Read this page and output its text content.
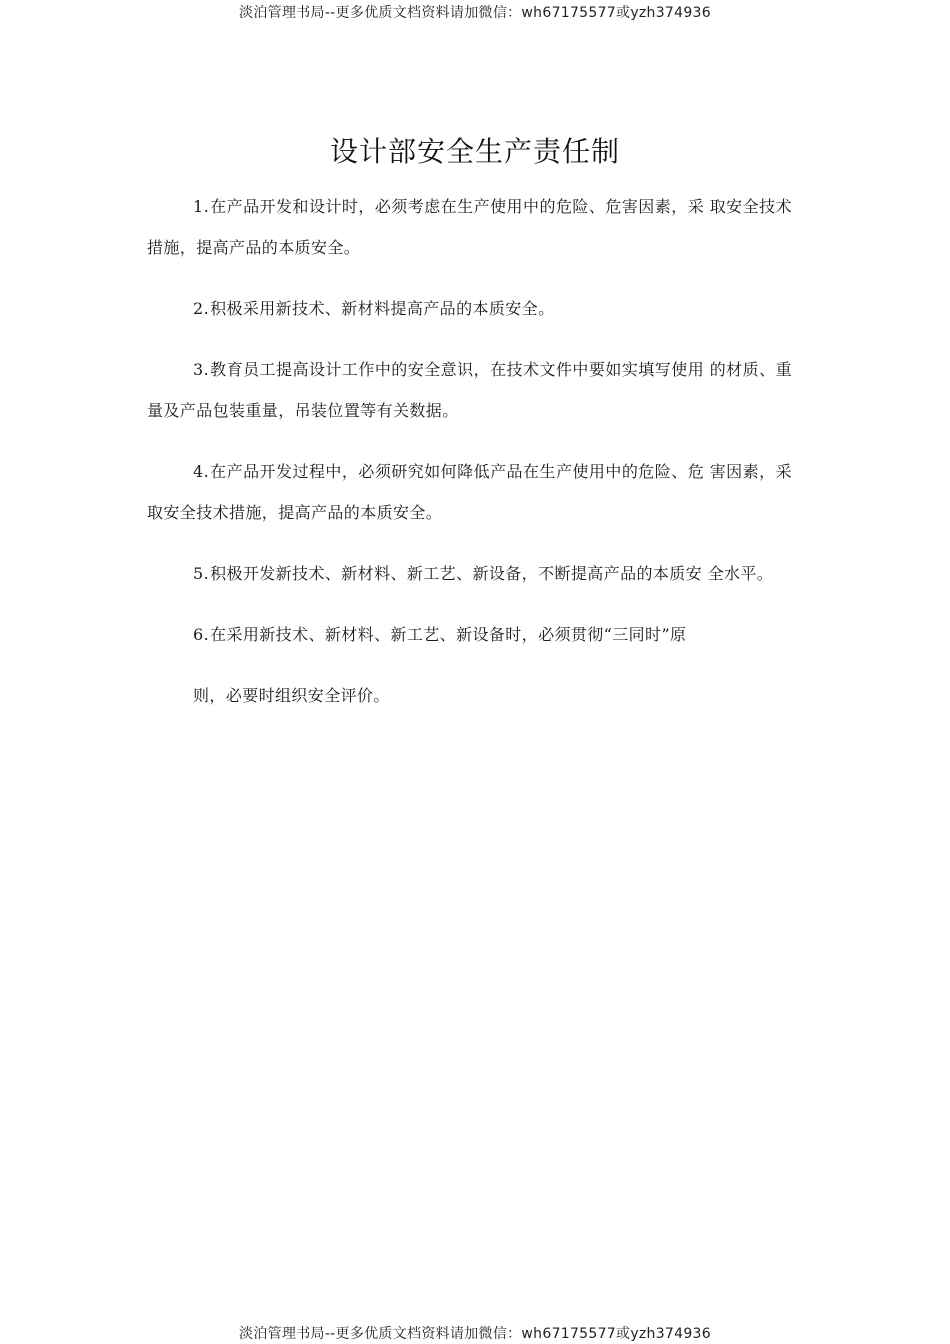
淡泊管理书局--更多优质文档资料请加微信：wh67175577或yzh374936
设计部安全生产责任制

1.在产品开发和设计时，必须考虑在生产使用中的危险、危害因素，采 取安全技术措施，提高产品的本质安全。

2.积极采用新技术、新材料提高产品的本质安全。

3.教育员工提高设计工作中的安全意识，在技术文件中要如实填写使用 的材质、重量及产品包装重量，吊装位置等有关数据。

4.在产品开发过程中，必须研究如何降低产品在生产使用中的危险、危 害因素，采取安全技术措施，提高产品的本质安全。

5.积极开发新技术、新材料、新工艺、新设备，不断提高产品的本质安 全水平。

6.在采用新技术、新材料、新工艺、新设备时，必须贯彻“三同时”原

则，必要时组织安全评价。

淡泊管理书局--更多优质文档资料请加微信：wh67175577或yzh374936
